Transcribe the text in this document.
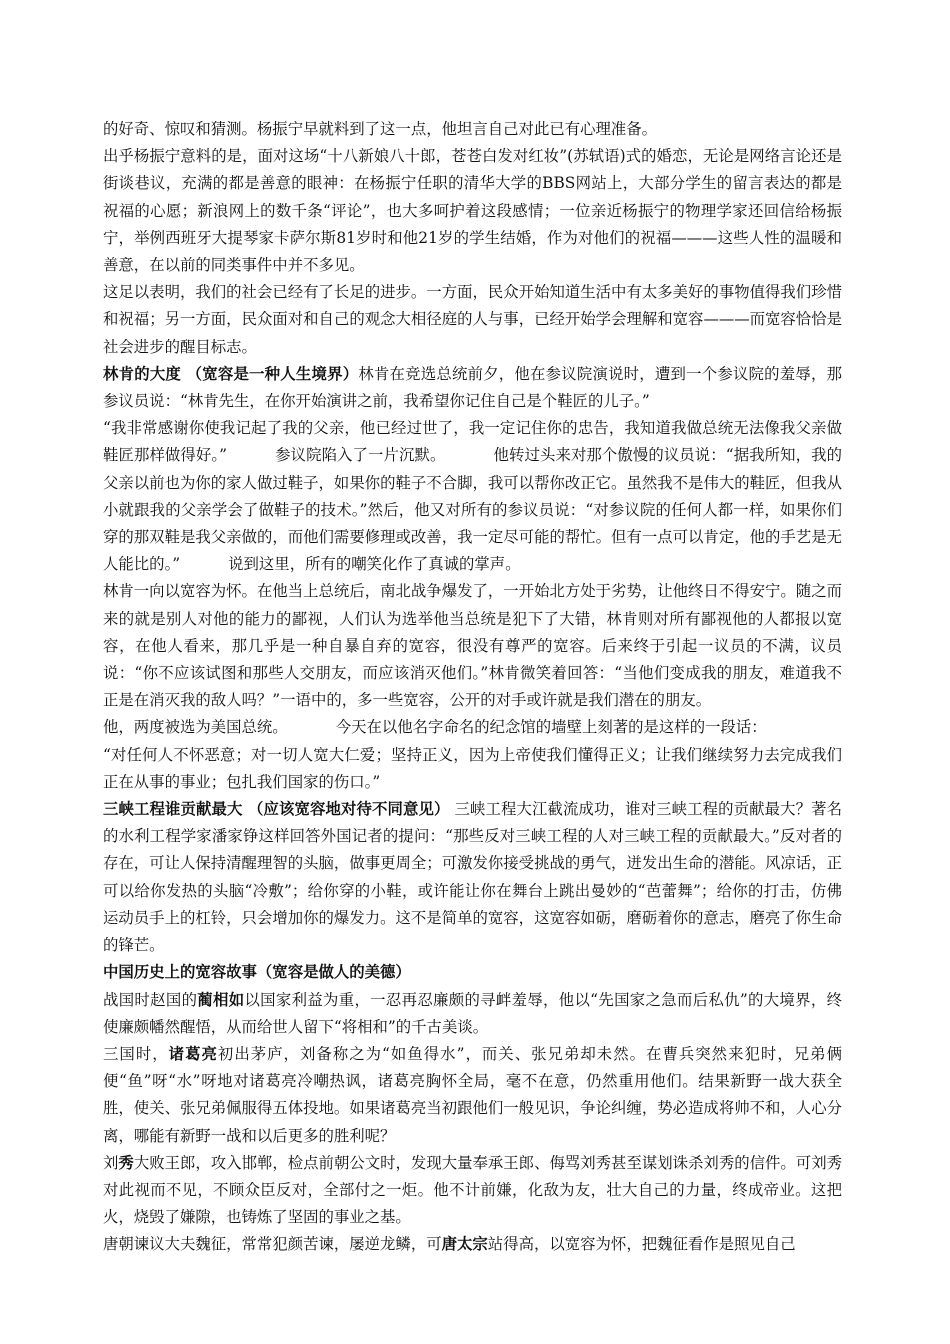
的好奇、惊叹和猜测。杨振宁早就料到了这一点，他坦言自己对此已有心理准备。

出乎杨振宁意料的是，面对这场“十八新娘八十郎，苍苍白发对红妆”(苏轼语)式的婚恋，无论是网络言论还是街谈巷议，充满的都是善意的眼神：在杨振宁任职的清华大学的BBS网站上，大部分学生的留言表达的都是祝福的心愿；新浪网上的数千条“评论”，也大多呵护着这段感情；一位亲近杨振宁的物理学家还回信给杨振宁，举例西班牙大提琴家卡萨尔斯81岁时和他21岁的学生结婚，作为对他们的祝福———这些人性的温暖和善意，在以前的同类事件中并不多见。

这足以表明，我们的社会已经有了长足的进步。一方面，民众开始知道生活中有太多美好的事物值得我们珍惜和祝福；另一方面，民众面对和自己的观念大相径庭的人与事，已经开始学会理解和宽容———而宽容恰恰是社会进步的醒目标志。

林肯的大度 （宽容是一种人生境界）林肯在竞选总统前夕，他在参议院演说时，遭到一个参议院的羞辱，那参议员说：“林肯先生，在你开始演讲之前，我希望你记住自己是个鞋匠的儿子。”

“我非常感谢你使我记起了我的父亲，他已经过世了，我一定记住你的忠告，我知道我做总统无法像我父亲做鞋匠那样做得好。”	参议院陷入了一片沉默。	他转过头来对那个傲慢的议员说：“据我所知，我的父亲以前也为你的家人做过鞋子，如果你的鞋子不合脚，我可以帮你改正它。虽然我不是伟大的鞋匠，但我从小就跟我的父亲学会了做鞋子的技术。”然后，他又对所有的参议员说：“对参议院的任何人都一样，如果你们穿的那双鞋是我父亲做的，而他们需要修理或改善，我一定尽可能的帮忙。但有一点可以肯定，他的手艺是无人能比的。”	说到这里，所有的嘲笑化作了真诚的掌声。

林肯一向以宽容为怀。在他当上总统后，南北战争爆发了，一开始北方处于劣势，让他终日不得安宁。随之而来的就是别人对他的能力的鄙视，人们认为选举他当总统是犯下了大错，林肯则对所有鄙视他的人都报以宽容，在他人看来，那几乎是一种自暴自弃的宽容，很没有尊严的宽容。后来终于引起一议员的不满，议员说：“你不应该试图和那些人交朋友，而应该消灭他们。”林肯微笑着回答：“当他们变成我的朋友，难道我不正是在消灭我的敌人吗？”一语中的，多一些宽容，公开的对手或许就是我们潜在的朋友。

他，两度被选为美国总统。	今天在以他名字命名的纪念馆的墙壁上刻著的是这样的一段话：

“对任何人不怀恶意；对一切人宽大仁爱；坚持正义，因为上帝使我们懂得正义；让我们继续努力去完成我们正在从事的事业；包扎我们国家的伤口。”

三峡工程谁贡献最大 （应该宽容地对待不同意见） 三峡工程大江截流成功，谁对三峡工程的贡献最大？著名的水利工程学家潘家铮这样回答外国记者的提问：“那些反对三峡工程的人对三峡工程的贡献最大。”反对者的存在，可让人保持清醒理智的头脑，做事更周全；可激发你接受挑战的勇气，迸发出生命的潜能。风凉话，正可以给你发热的头脑“冷敷”；给你穿的小鞋，或许能让你在舞台上跳出曼妙的“芭蕾舞”；给你的打击，仿佛运动员手上的杠铃，只会增加你的爆发力。这不是简单的宽容，这宽容如砺，磨砺着你的意志，磨亮了你生命的锋芒。

中国历史上的宽容故事（宽容是做人的美德）

战国时赵国的蔺相如以国家利益为重，一忍再忍廉颇的寻衅羞辱，他以“先国家之急而后私仇”的大境界，终使廉颇幡然醒悟，从而给世人留下“将相和”的千古美谈。

三国时，诸葛亮初出茅庐，刘备称之为“如鱼得水”，而关、张兄弟却未然。在曹兵突然来犯时，兄弟俩便“鱼”呀“水”呀地对诸葛亮冷嘲热讽，诸葛亮胸怀全局，毫不在意，仍然重用他们。结果新野一战大获全胜，使关、张兄弟佩服得五体投地。如果诸葛亮当初跟他们一般见识，争论纠缠，势必造成将帅不和，人心分离，哪能有新野一战和以后更多的胜利呢？

刘秀大败王郎，攻入邯郸，检点前朝公文时，发现大量奉承王郎、侮骂刘秀甚至谋划诛杀刘秀的信件。可刘秀对此视而不见，不顾众臣反对，全部付之一炬。他不计前嫌，化敌为友，壮大自己的力量，终成帝业。这把火，烧毁了嫌隙，也铸炼了坚固的事业之基。

唐朝谏议大夫魏征，常常犯颜苦谏，屡逆龙鳞，可唐太宗站得高，以宽容为怀，把魏征看作是照见自己
